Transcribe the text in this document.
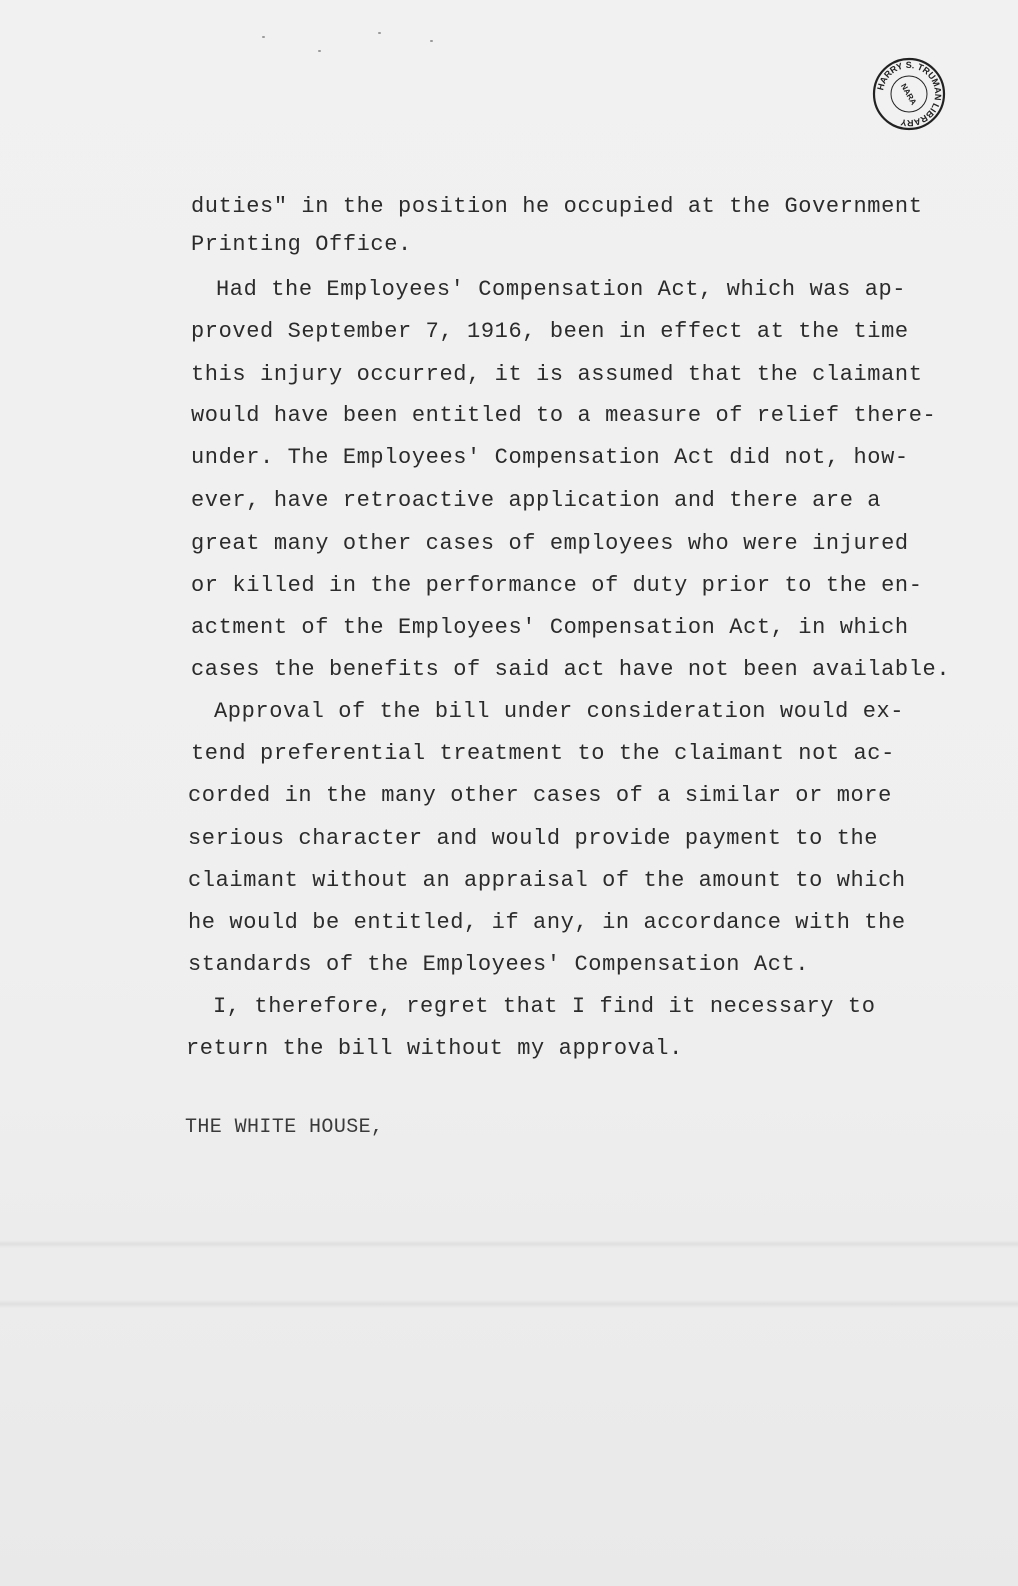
HARRY S. TRUMAN LIBRARY
NARA
duties" in the position he occupied at the Government
Printing Office.
Had the Employees' Compensation Act, which was ap-
proved September 7, 1916, been in effect at the time
this injury occurred, it is assumed that the claimant
would have been entitled to a measure of relief there-
under. The Employees' Compensation Act did not, how-
ever, have retroactive application and there are a
great many other cases of employees who were injured
or killed in the performance of duty prior to the en-
actment of the Employees' Compensation Act, in which
cases the benefits of said act have not been available.
Approval of the bill under consideration would ex-
tend preferential treatment to the claimant not ac-
corded in the many other cases of a similar or more
serious character and would provide payment to the
claimant without an appraisal of the amount to which
he would be entitled, if any, in accordance with the
standards of the Employees' Compensation Act.
I, therefore, regret that I find it necessary to
return the bill without my approval.
THE WHITE HOUSE,
